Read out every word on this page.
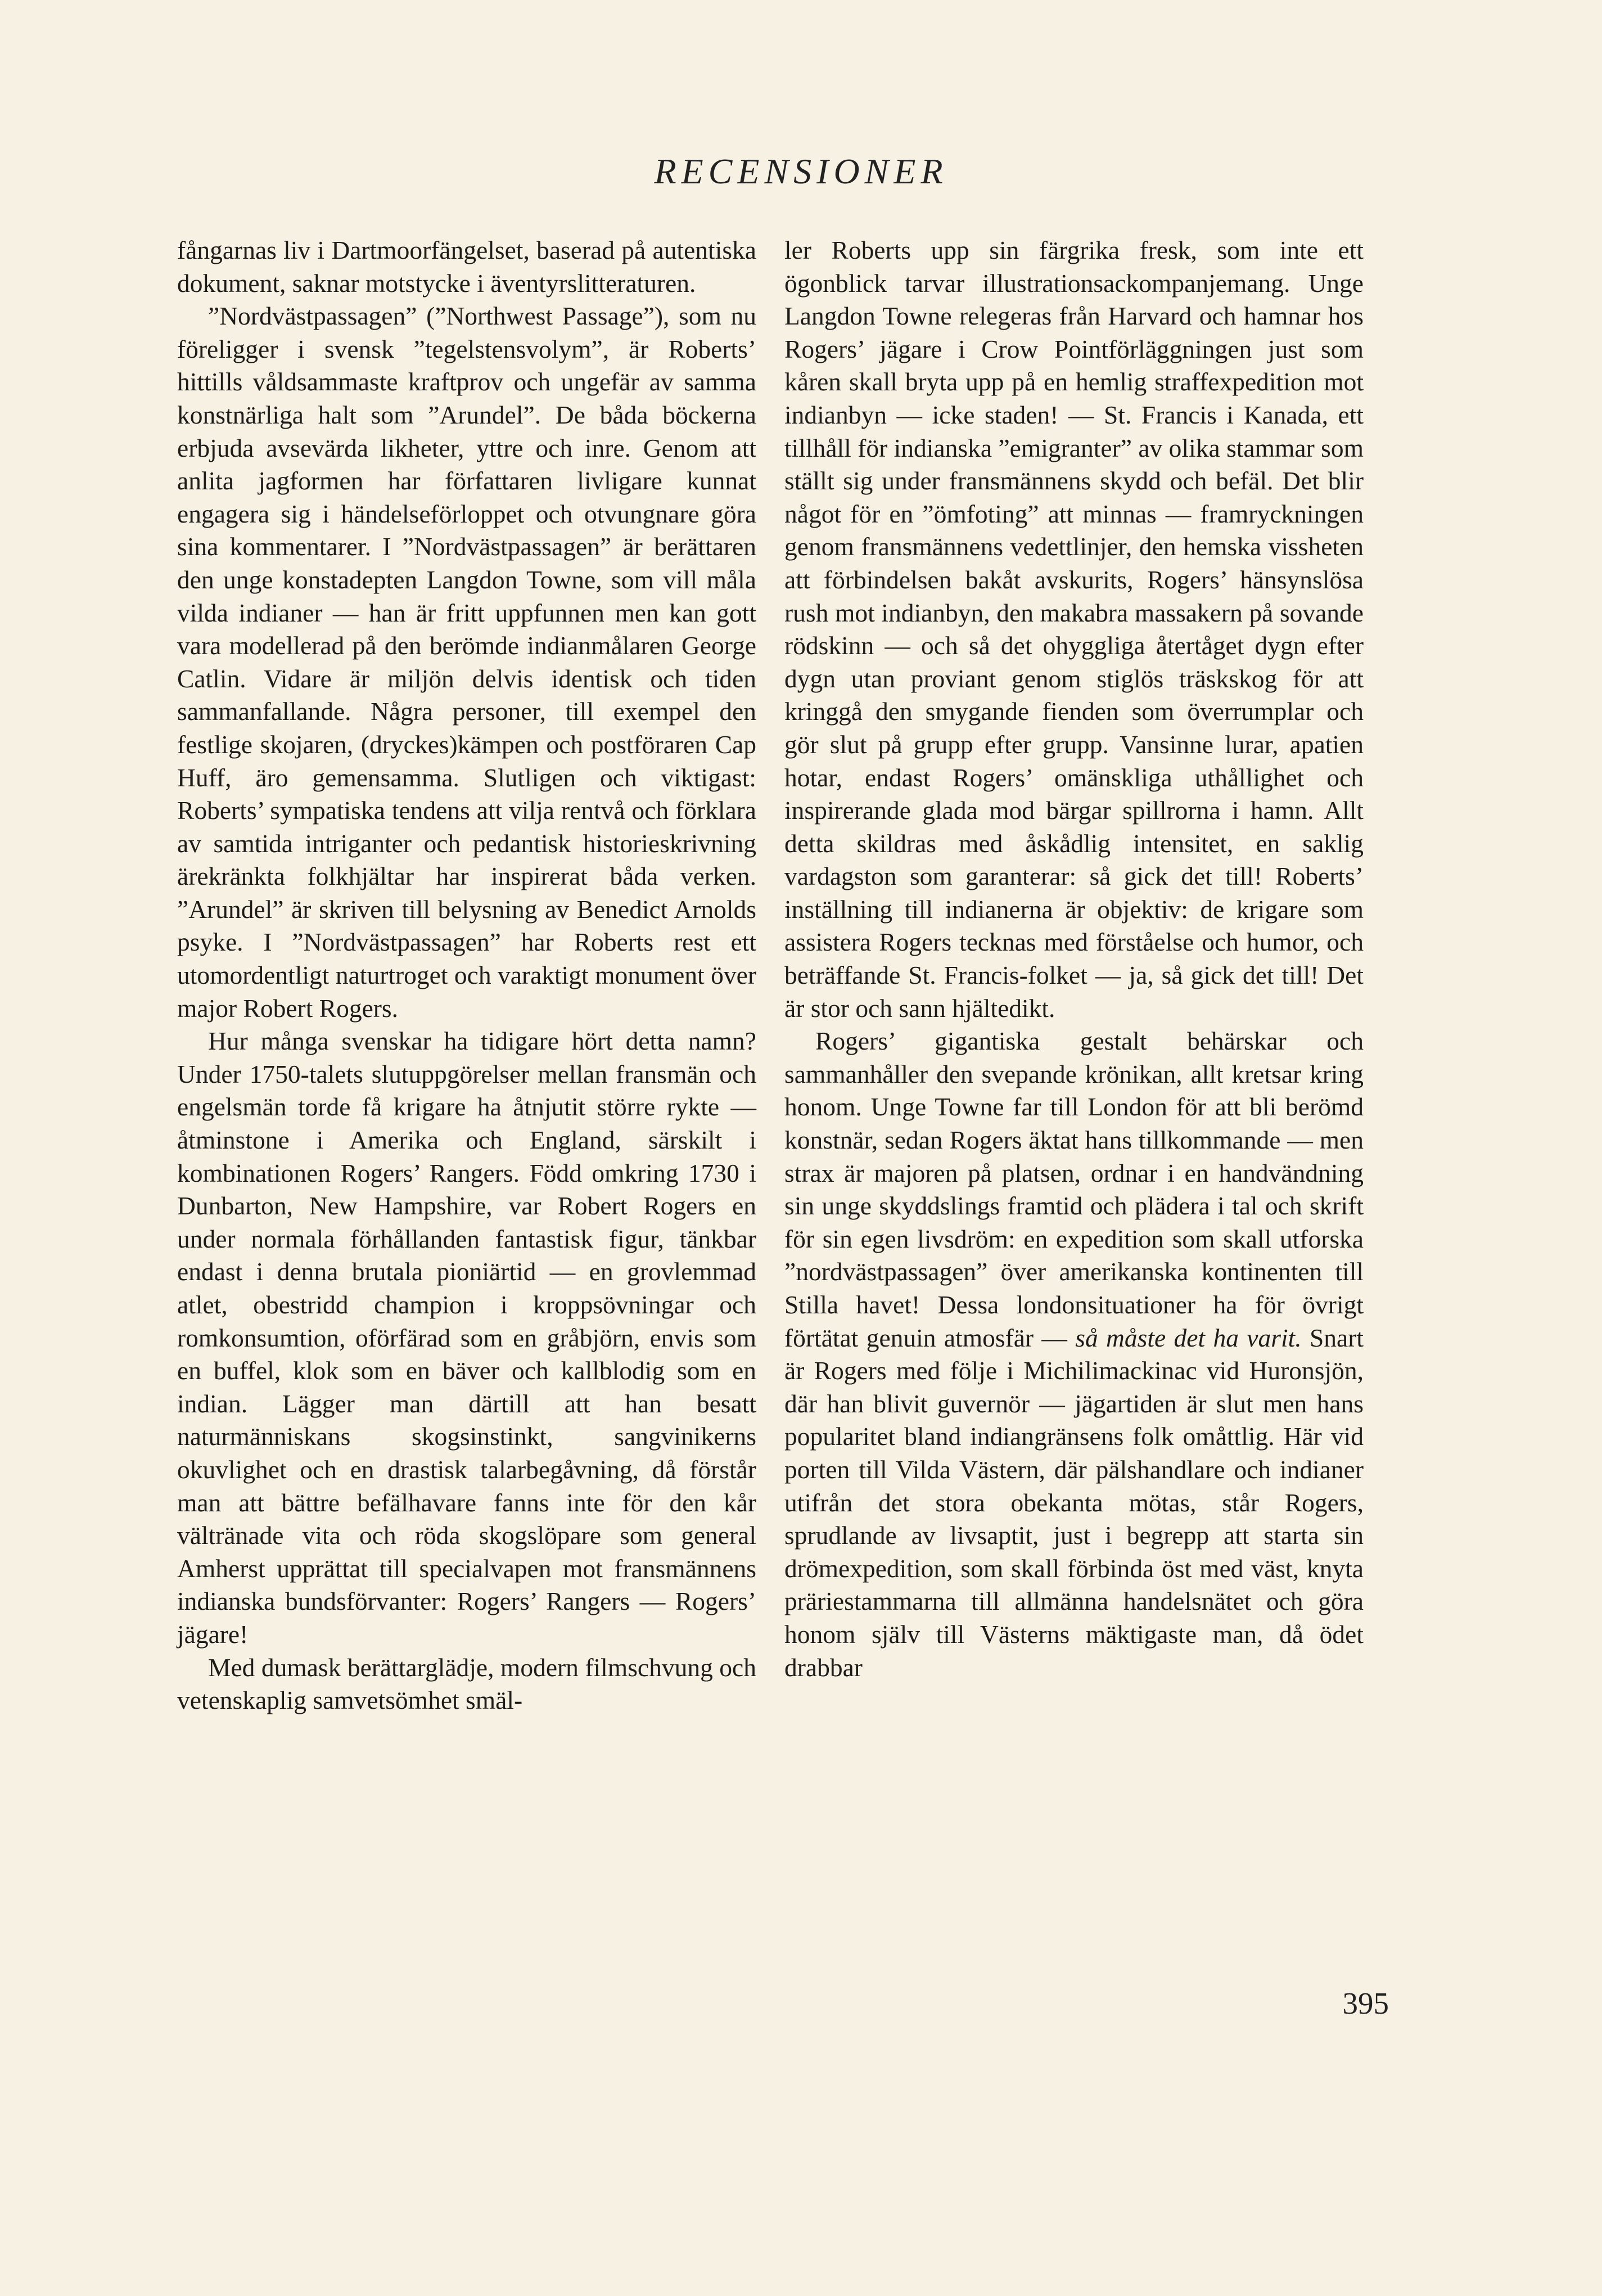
RECENSIONER

fångarnas liv i Dartmoorfängelset, baserad på autentiska dokument, saknar motstycke i äventyrslitteraturen.

”Nordvästpassagen” (”Northwest Passage”), som nu föreligger i svensk ”tegelstensvolym”, är Roberts’ hittills våldsammaste kraftprov och ungefär av samma konstnärliga halt som ”Arundel”. De båda böckerna erbjuda avsevärda likheter, yttre och inre. Genom att anlita jagformen har författaren livligare kunnat engagera sig i händelseförloppet och otvungnare göra sina kommentarer. I ”Nordvästpassagen” är berättaren den unge konstadepten Langdon Towne, som vill måla vilda indianer — han är fritt uppfunnen men kan gott vara modellerad på den berömde indianmålaren George Catlin. Vidare är miljön delvis identisk och tiden sammanfallande. Några personer, till exempel den festlige skojaren, (dryckes)kämpen och postföraren Cap Huff, äro gemensamma. Slutligen och viktigast: Roberts’ sympatiska tendens att vilja rentvå och förklara av samtida intriganter och pedantisk historieskrivning ärekränkta folkhjältar har inspirerat båda verken. ”Arundel” är skriven till belysning av Benedict Arnolds psyke. I ”Nordvästpassagen” har Roberts rest ett utomordentligt naturtroget och varaktigt monument över major Robert Rogers.

Hur många svenskar ha tidigare hört detta namn? Under 1750-talets slutuppgörelser mellan fransmän och engelsmän torde få krigare ha åtnjutit större rykte — åtminstone i Amerika och England, särskilt i kombinationen Rogers’ Rangers. Född omkring 1730 i Dunbarton, New Hampshire, var Robert Rogers en under normala förhållanden fantastisk figur, tänkbar endast i denna brutala pioniärtid — en grovlemmad atlet, obestridd champion i kroppsövningar och romkonsumtion, oförfärad som en gråbjörn, envis som en buffel, klok som en bäver och kallblodig som en indian. Lägger man därtill att han besatt naturmänniskans skogsinstinkt, sangvinikerns okuvlighet och en drastisk talarbegåvning, då förstår man att bättre befälhavare fanns inte för den kår vältränade vita och röda skogslöpare som general Amherst upprättat till specialvapen mot fransmännens indianska bundsförvanter: Rogers’ Rangers — Rogers’ jägare!

Med dumask berättarglädje, modern filmschvung och vetenskaplig samvetsömhet smäl-

ler Roberts upp sin färgrika fresk, som inte ett ögonblick tarvar illustrationsackompanjemang. Unge Langdon Towne relegeras från Harvard och hamnar hos Rogers’ jägare i Crow Pointförläggningen just som kåren skall bryta upp på en hemlig straffexpedition mot indianbyn — icke staden! — St. Francis i Kanada, ett tillhåll för indianska ”emigranter” av olika stammar som ställt sig under fransmännens skydd och befäl. Det blir något för en ”ömfoting” att minnas — framryckningen genom fransmännens vedettlinjer, den hemska vissheten att förbindelsen bakåt avskurits, Rogers’ hänsynslösa rush mot indianbyn, den makabra massakern på sovande rödskinn — och så det ohyggliga återtåget dygn efter dygn utan proviant genom stiglös träskskog för att kringgå den smygande fienden som överrumplar och gör slut på grupp efter grupp. Vansinne lurar, apatien hotar, endast Rogers’ omänskliga uthållighet och inspirerande glada mod bärgar spillrorna i hamn. Allt detta skildras med åskådlig intensitet, en saklig vardagston som garanterar: så gick det till! Roberts’ inställning till indianerna är objektiv: de krigare som assistera Rogers tecknas med förståelse och humor, och beträffande St. Francis-folket — ja, så gick det till! Det är stor och sann hjältedikt.

Rogers’ gigantiska gestalt behärskar och sammanhåller den svepande krönikan, allt kretsar kring honom. Unge Towne far till London för att bli berömd konstnär, sedan Rogers äktat hans tillkommande — men strax är majoren på platsen, ordnar i en handvändning sin unge skyddslings framtid och plädera i tal och skrift för sin egen livsdröm: en expedition som skall utforska ”nordvästpassagen” över amerikanska kontinenten till Stilla havet! Dessa londonsituationer ha för övrigt förtätat genuin atmosfär — så måste det ha varit. Snart är Rogers med följe i Michilimackinac vid Huronsjön, där han blivit guvernör — jägartiden är slut men hans popularitet bland indiangränsens folk omåttlig. Här vid porten till Vilda Västern, där pälshandlare och indianer utifrån det stora obekanta mötas, står Rogers, sprudlande av livsaptit, just i begrepp att starta sin drömexpedition, som skall förbinda öst med väst, knyta präriestammarna till allmänna handelsnätet och göra honom själv till Västerns mäktigaste man, då ödet drabbar

395
